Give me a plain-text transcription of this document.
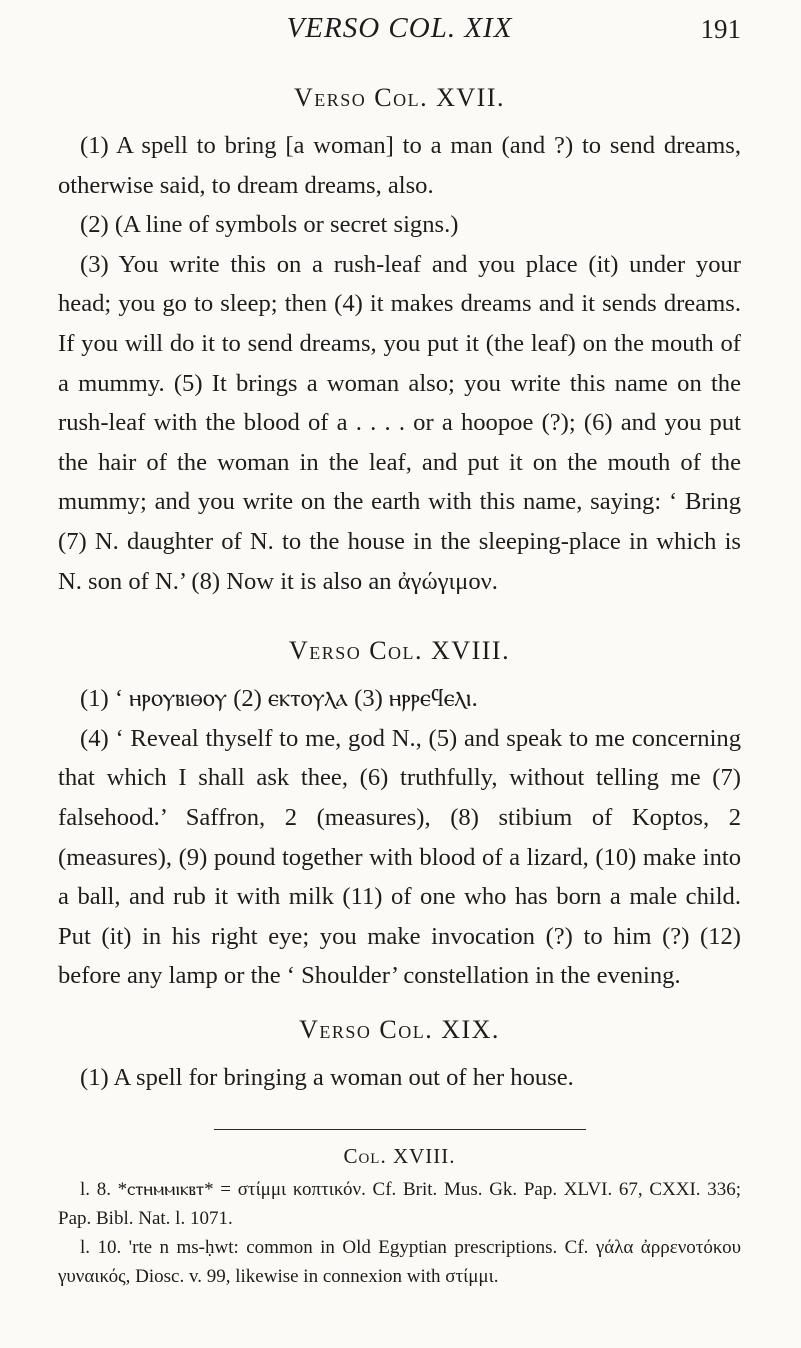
VERSO COL. XIX	191
Verso Col. XVII.

(1) A spell to bring [a woman] to a man (and ?) to send dreams, otherwise said, to dream dreams, also.

(2) (A line of symbols or secret signs.)

(3) You write this on a rush-leaf and you place (it) under your head; you go to sleep; then (4) it makes dreams and it sends dreams. If you will do it to send dreams, you put it (the leaf) on the mouth of a mummy. (5) It brings a woman also; you write this name on the rush-leaf with the blood of a . . . . or a hoopoe (?); (6) and you put the hair of the woman in the leaf, and put it on the mouth of the mummy; and you write on the earth with this name, saying: ‘ Bring (7) N. daughter of N. to the house in the sleeping-place in which is N. son of N.’ (8) Now it is also an ἀγώγιμον.

Verso Col. XVIII.

(1) ‘ ⲏⲣⲟⲩⲃⲓⲑⲟⲩ (2) ⲉⲕⲧⲟⲩⲗⲁ (3) ⲏⲣⲣⲉϥⲉⲗⲓ.

(4) ‘ Reveal thyself to me, god N., (5) and speak to me concerning that which I shall ask thee, (6) truthfully, without telling me (7) falsehood.’ Saffron, 2 (measures), (8) stibium of Koptos, 2 (measures), (9) pound together with blood of a lizard, (10) make into a ball, and rub it with milk (11) of one who has born a male child. Put (it) in his right eye; you make invocation (?) to him (?) (12) before any lamp or the ‘ Shoulder’ constellation in the evening.

Verso Col. XIX.

(1) A spell for bringing a woman out of her house.

Col. XVIII.

l. 8. *ⲥⲧⲏⲙⲙⲓⲕⲃⲧ* = στίμμι κοπτικόν. Cf. Brit. Mus. Gk. Pap. XLVI. 67, CXXI. 336; Pap. Bibl. Nat. l. 1071.

l. 10. 'rte n ms-ḥwt: common in Old Egyptian prescriptions. Cf. γάλα ἀρρενοτόκου γυναικός, Diosc. v. 99, likewise in connexion with στίμμι.
